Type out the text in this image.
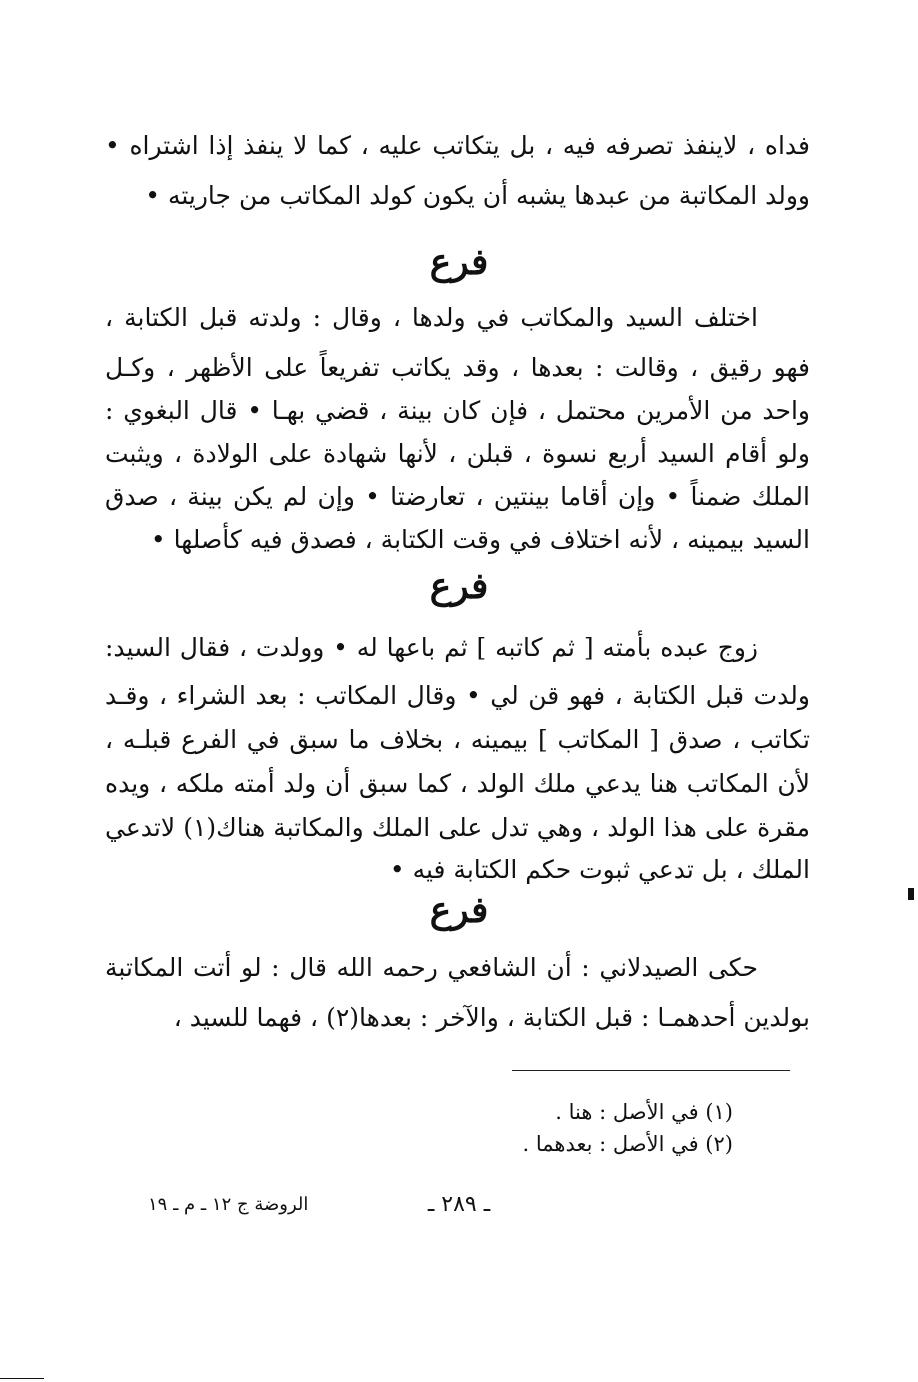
فداه ، لاينفذ تصرفه فيه ، بل يتكاتب عليه ، كما لا ينفذ إذا اشتراه •
وولد المكاتبة من عبدها يشبه أن يكون كولد المكاتب من جاريته •
فرع
اختلف السيد والمكاتب في ولدها ، وقال : ولدته قبل الكتابة ،
فهو رقيق ، وقالت : بعدها ، وقد يكاتب تفريعاً على الأظهر ، وكـل
واحد من الأمرين محتمل ، فإن كان بينة ، قضي بهـا • قال البغوي :
ولو أقام السيد أربع نسوة ، قبلن ، لأنها شهادة على الولادة ، ويثبت
الملك ضمناً • وإن أقاما بينتين ، تعارضتا • وإن لم يكن بينة ، صدق
السيد بيمينه ، لأنه اختلاف في وقت الكتابة ، فصدق فيه كأصلها •
فرع
زوج عبده بأمته [ ثم كاتبه ] ثم باعها له • وولدت ، فقال السيد:
ولدت قبل الكتابة ، فهو قن لي • وقال المكاتب : بعد الشراء ، وقـد
تكاتب ، صدق [ المكاتب ] بيمينه ، بخلاف ما سبق في الفرع قبلـه ،
لأن المكاتب هنا يدعي ملك الولد ، كما سبق أن ولد أمته ملكه ، ويده
مقرة على هذا الولد ، وهي تدل على الملك والمكاتبة هناك(١) لاتدعي
الملك ، بل تدعي ثبوت حكم الكتابة فيه •
فرع
حكى الصيدلاني : أن الشافعي رحمه الله قال : لو أتت المكاتبة
بولدين أحدهمـا : قبل الكتابة ، والآخر : بعدها(٢) ، فهما للسيد ،
(١) في الأصل : هنا .
(٢) في الأصل : بعدهما .
ـ ٢٨٩ ـ
الروضة ج ١٢ ـ م ـ ١٩
